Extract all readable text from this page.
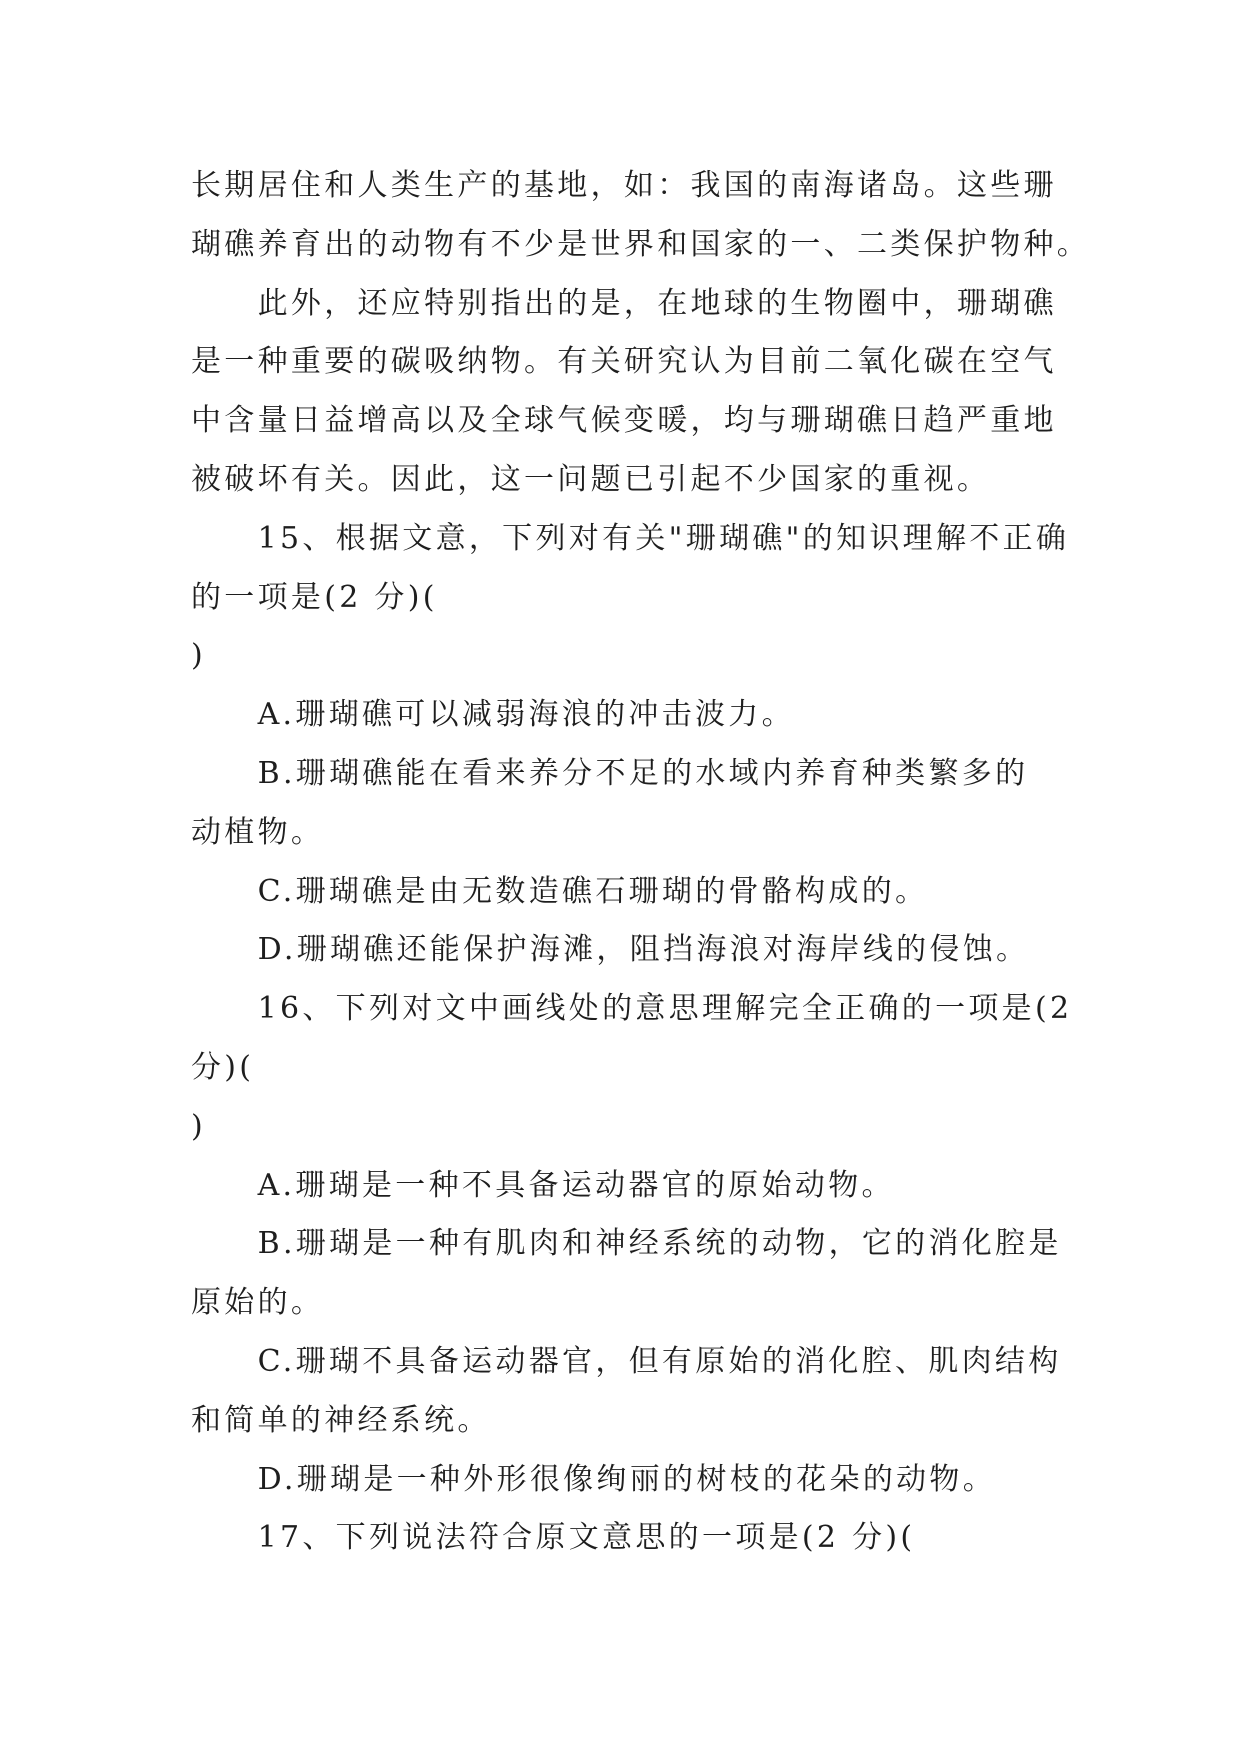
长期居住和人类生产的基地，如：我国的南海诸岛。这些珊
瑚礁养育出的动物有不少是世界和国家的一、二类保护物种。
此外，还应特别指出的是，在地球的生物圈中，珊瑚礁
是一种重要的碳吸纳物。有关研究认为目前二氧化碳在空气
中含量日益增高以及全球气候变暖，均与珊瑚礁日趋严重地
被破坏有关。因此，这一问题已引起不少国家的重视。
15、根据文意，下列对有关"珊瑚礁"的知识理解不正确
的一项是(2 分)(
)
A.珊瑚礁可以减弱海浪的冲击波力。
B.珊瑚礁能在看来养分不足的水域内养育种类繁多的
动植物。
C.珊瑚礁是由无数造礁石珊瑚的骨骼构成的。
D.珊瑚礁还能保护海滩，阻挡海浪对海岸线的侵蚀。
16、下列对文中画线处的意思理解完全正确的一项是(2
分)(
)
A.珊瑚是一种不具备运动器官的原始动物。
B.珊瑚是一种有肌肉和神经系统的动物，它的消化腔是
原始的。
C.珊瑚不具备运动器官，但有原始的消化腔、肌肉结构
和简单的神经系统。
D.珊瑚是一种外形很像绚丽的树枝的花朵的动物。
17、下列说法符合原文意思的一项是(2 分)(
